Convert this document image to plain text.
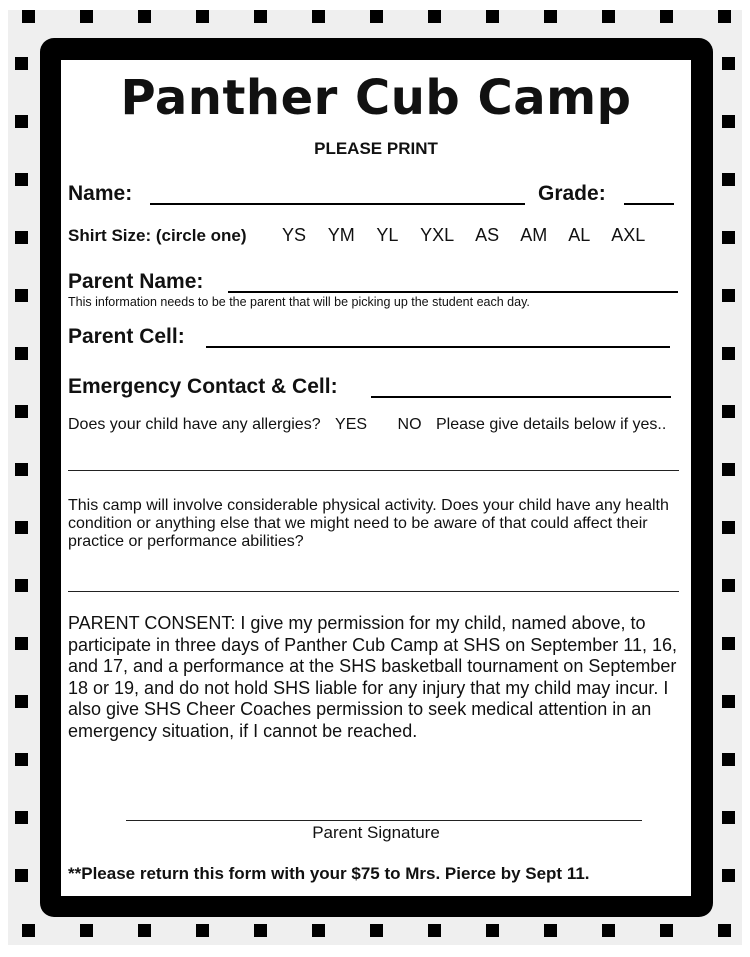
Panther Cub Camp
PLEASE PRINT
Name:	Grade:
Shirt Size: (circle one) YS YM YL YXL AS AM AL AXL
Parent Name:
This information needs to be the parent that will be picking up the student each day.
Parent Cell:
Emergency Contact & Cell:
Does your child have any allergies? YES NO Please give details below if yes..
This camp will involve considerable physical activity. Does your child have any health condition or anything else that we might need to be aware of that could affect their practice or performance abilities?
PARENT CONSENT: I give my permission for my child, named above, to participate in three days of Panther Cub Camp at SHS on September 11, 16, and 17, and a performance at the SHS basketball tournament on September 18 or 19, and do not hold SHS liable for any injury that my child may incur. I also give SHS Cheer Coaches permission to seek medical attention in an emergency situation, if I cannot be reached.
Parent Signature
**Please return this form with your $75 to Mrs. Pierce by Sept 11.
